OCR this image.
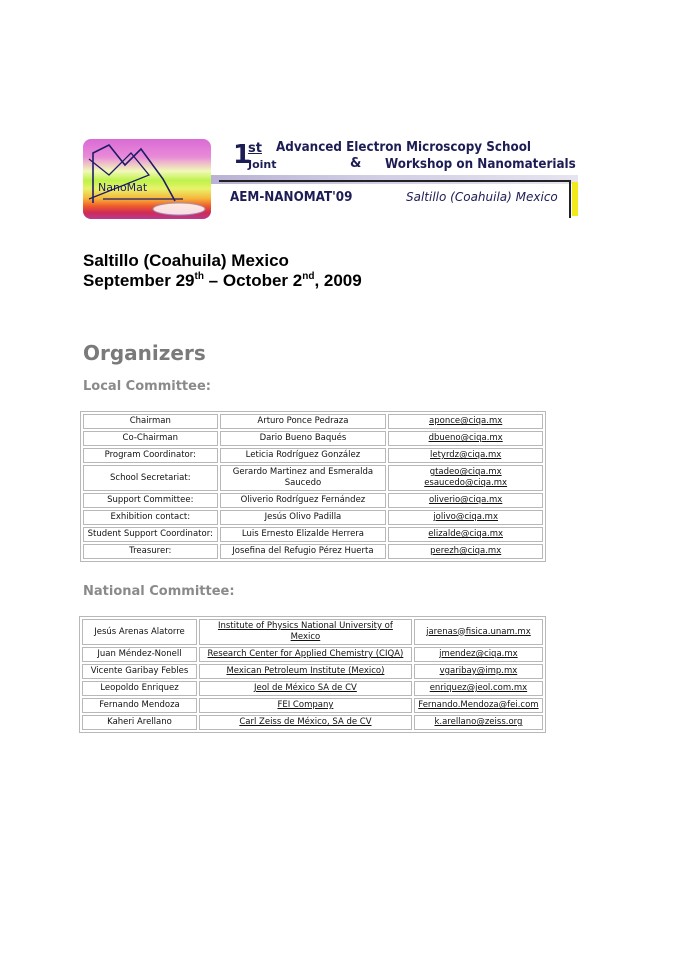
NanoMat
1
st
Joint
Advanced Electron Microscopy School
& Workshop on Nanomaterials
AEM-NANOMAT'09	Saltillo (Coahuila) Mexico
Saltillo (Coahuila) Mexico
September 29th – October 2nd, 2009
Organizers
Local Committee:
Chairman	Arturo Ponce Pedraza	aponce@ciqa.mx
Co-Chairman	Dario Bueno Baqués	dbueno@ciqa.mx
Program Coordinator:	Leticia Rodríguez González	letyrdz@ciqa.mx
School Secretariat:	Gerardo Martinez and Esmeralda Saucedo	gtadeo@ciqa.mx
esaucedo@ciqa.mx
Support Committee:	Oliverio Rodríguez Fernández	oliverio@ciqa.mx
Exhibition contact:	Jesús Olivo Padilla	jolivo@ciqa.mx
Student Support Coordinator:	Luis Ernesto Elizalde Herrera	elizalde@ciqa.mx
Treasurer:	Josefina del Refugio Pérez Huerta	perezh@ciqa.mx
National Committee:
Jesús Arenas Alatorre	Institute of Physics National University of Mexico	jarenas@fisica.unam.mx
Juan Méndez-Nonell	Research Center for Applied Chemistry (CIQA)	jmendez@ciqa.mx
Vicente Garibay Febles	Mexican Petroleum Institute (Mexico)	vgaribay@imp.mx
Leopoldo Enriquez	Jeol de México SA de CV	enriquez@jeol.com.mx
Fernando Mendoza	FEI Company	Fernando.Mendoza@fei.com
Kaheri Arellano	Carl Zeiss de México, SA de CV	k.arellano@zeiss.org
